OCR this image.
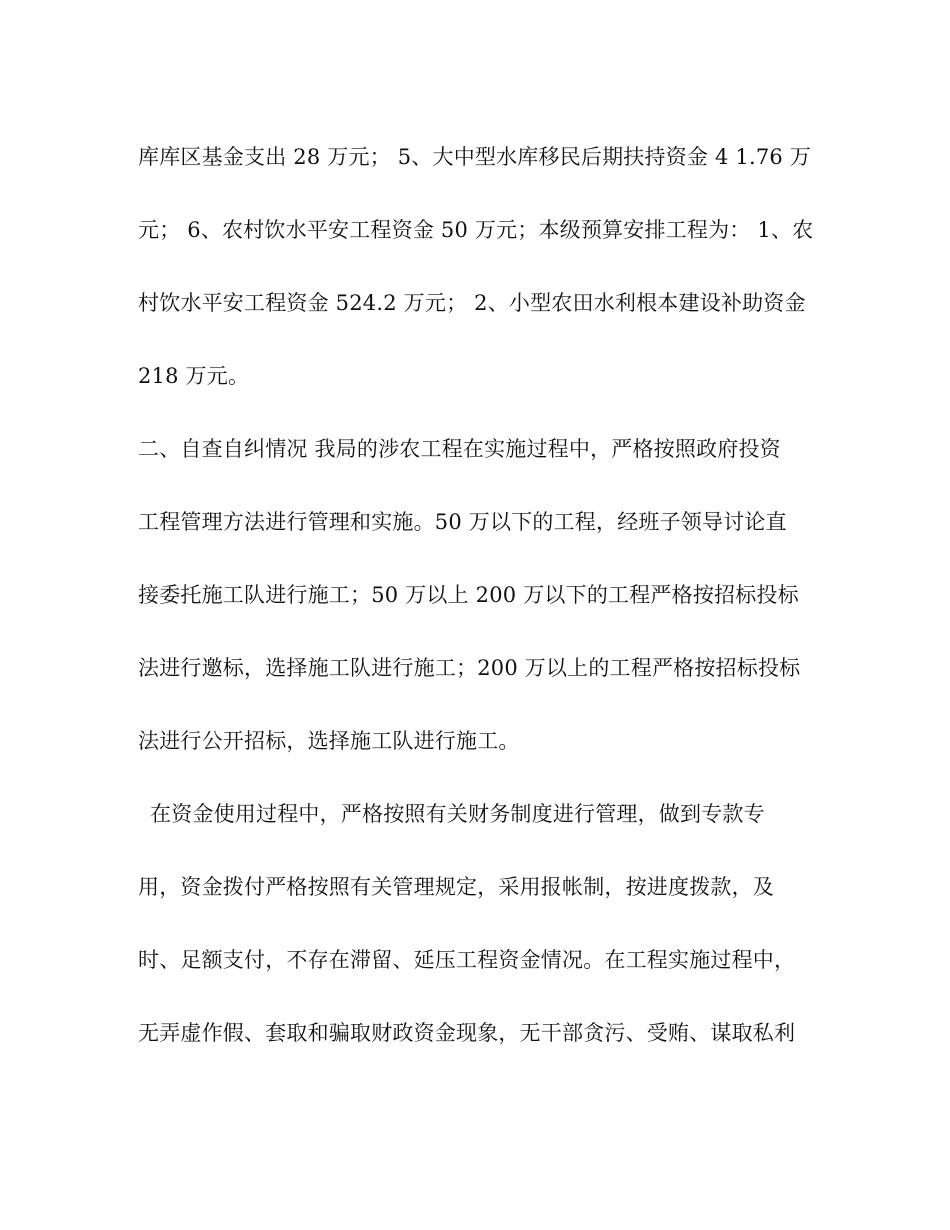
库库区基金支出 28 万元； 5、大中型水库移民后期扶持资金 4 1.76 万
元； 6、农村饮水平安工程资金 50 万元；本级预算安排工程为： 1、农
村饮水平安工程资金 524.2 万元； 2、小型农田水利根本建设补助资金
218 万元。
二、自查自纠情况 我局的涉农工程在实施过程中，严格按照政府投资
工程管理方法进行管理和实施。50 万以下的工程，经班子领导讨论直
接委托施工队进行施工；50 万以上 200 万以下的工程严格按招标投标
法进行邀标，选择施工队进行施工；200 万以上的工程严格按招标投标
法进行公开招标，选择施工队进行施工。
在资金使用过程中，严格按照有关财务制度进行管理，做到专款专
用，资金拨付严格按照有关管理规定，采用报帐制，按进度拨款，及
时、足额支付，不存在滞留、延压工程资金情况。在工程实施过程中，
无弄虚作假、套取和骗取财政资金现象，无干部贪污、受贿、谋取私利
